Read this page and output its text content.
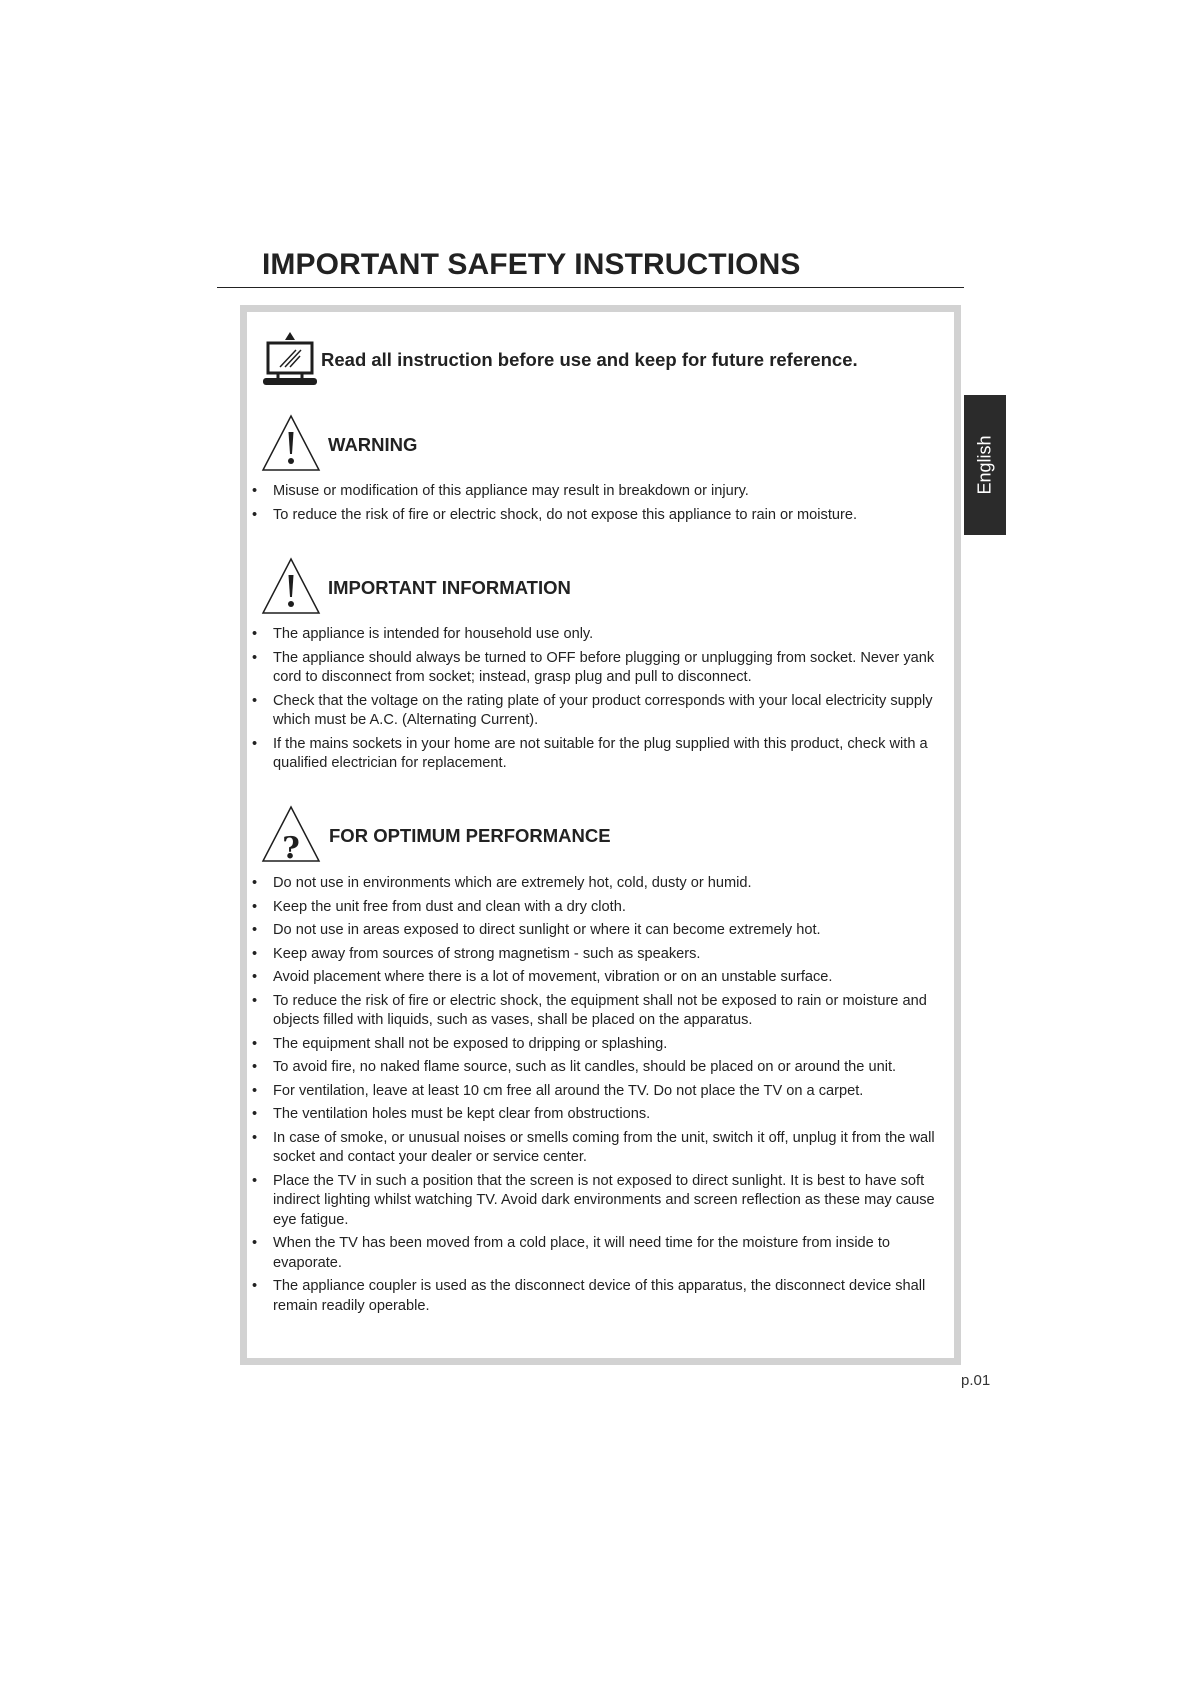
IMPORTANT SAFETY INSTRUCTIONS
English
Read all instruction before use and keep for future reference.
WARNING
• Misuse or modification of this appliance may result in breakdown or injury.
• To reduce the risk of fire or electric shock, do not expose this appliance to rain or moisture.
IMPORTANT INFORMATION
• The appliance is intended for household use only.
• The appliance should always be turned to OFF before plugging or unplugging from socket. Never yank cord to disconnect from socket; instead, grasp plug and pull to disconnect.
• Check that the voltage on the rating plate of your product corresponds with your local electricity supply which must be A.C. (Alternating Current).
• If the mains sockets in your home are not suitable for the plug supplied with this product, check with a qualified electrician for replacement.
? FOR OPTIMUM PERFORMANCE
• Do not use in environments which are extremely hot, cold, dusty or humid.
• Keep the unit free from dust and clean with a dry cloth.
• Do not use in areas exposed to direct sunlight or where it can become extremely hot.
• Keep away from sources of strong magnetism - such as speakers.
• Avoid placement where there is a lot of movement, vibration or on an unstable surface.
• To reduce the risk of fire or electric shock, the equipment shall not be exposed to rain or moisture and objects filled with liquids, such as vases, shall be placed on the apparatus.
• The equipment shall not be exposed to dripping or splashing.
• To avoid fire, no naked flame source, such as lit candles, should be placed on or around the unit.
• For ventilation, leave at least 10 cm free all around the TV. Do not place the TV on a carpet.
• The ventilation holes must be kept clear from obstructions.
• In case of smoke, or unusual noises or smells coming from the unit, switch it off, unplug it from the wall socket and contact your dealer or service center.
• Place the TV in such a position that the screen is not exposed to direct sunlight. It is best to have soft indirect lighting whilst watching TV. Avoid dark environments and screen reflection as these may cause eye fatigue.
• When the TV has been moved from a cold place, it will need time for the moisture from inside to evaporate.
• The appliance coupler is used as the disconnect device of this apparatus, the disconnect device shall remain readily operable.
p.01
